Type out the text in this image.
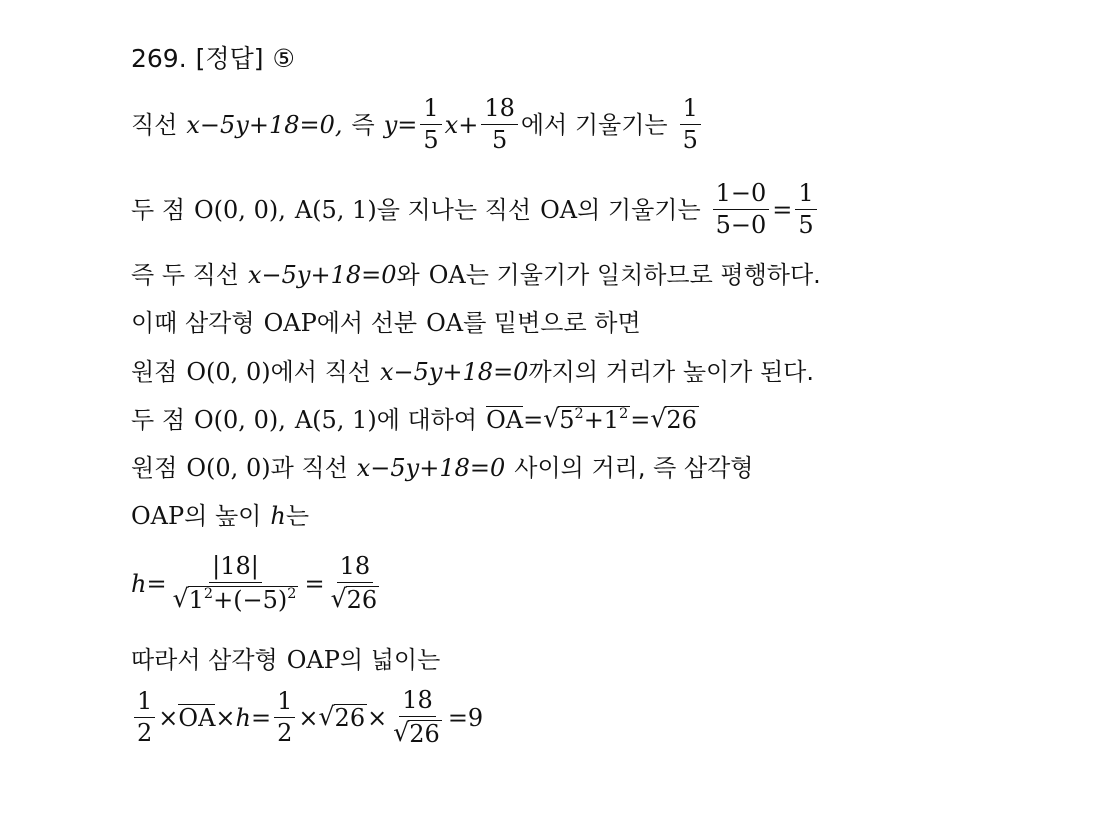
269. [정답] ⑤
직선 x−5y+18=0, 즉 $y= \frac{1}{5} x+ \frac{18}{5}$ 에서 기울기는 $\frac{1}{5}$
두 점 O(0, 0), A(5, 1) 을 지나는 직선 OA 의 기울기는 $\frac{1-0}{5-0} = \frac{1}{5}$
즉 두 직선 x−5y+18=0 와 OA 는 기울기가 일치하므로 평행하다.
이때 삼각형 OAP 에서 선분 OA 를 밑변으로 하면
원점 O(0, 0) 에서 직선 x−5y+18=0 까지의 거리가 높이가 된다.
두 점 O(0, 0), A(5, 1) 에 대하여 OA = √ $5^2+1^2$ = √ 26
원점 O(0, 0) 과 직선 x−5y+18=0 사이의 거리, 즉 삼각형
OAP 의 높이 h 는
$h = \frac{|18|}{√ 1^2+(-5)^2} = \frac{18}{√ 26}$
따라서 삼각형 OAP 의 넓이는
$\frac{1}{2}$ × OA × $h = \frac{1}{2}$ × √ $26 \times \frac{18}{√ 26} =9$
